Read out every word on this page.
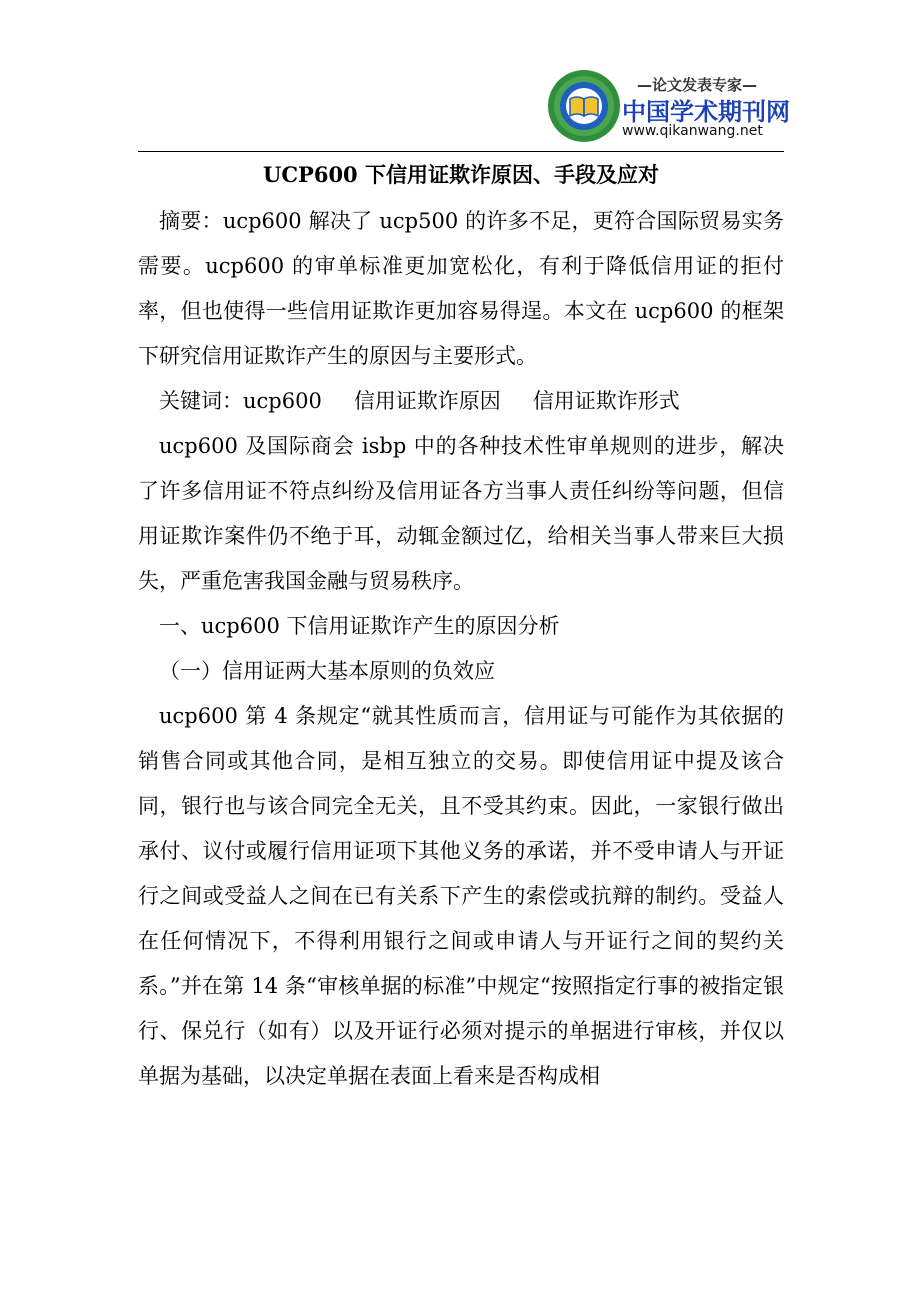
—论文发表专家—
中国学术期刊网
www.qikanwang.net
UCP600 下信用证欺诈原因、手段及应对

摘要：ucp600 解决了 ucp500 的许多不足，更符合国际贸易实务需要。ucp600 的审单标准更加宽松化，有利于降低信用证的拒付率，但也使得一些信用证欺诈更加容易得逞。本文在 ucp600 的框架下研究信用证欺诈产生的原因与主要形式。

关键词：ucp600 信用证欺诈原因 信用证欺诈形式

ucp600 及国际商会 isbp 中的各种技术性审单规则的进步，解决了许多信用证不符点纠纷及信用证各方当事人责任纠纷等问题，但信用证欺诈案件仍不绝于耳，动辄金额过亿，给相关当事人带来巨大损失，严重危害我国金融与贸易秩序。

一、ucp600 下信用证欺诈产生的原因分析

（一）信用证两大基本原则的负效应

ucp600 第 4 条规定“就其性质而言，信用证与可能作为其依据的销售合同或其他合同，是相互独立的交易。即使信用证中提及该合同，银行也与该合同完全无关，且不受其约束。因此，一家银行做出承付、议付或履行信用证项下其他义务的承诺，并不受申请人与开证行之间或受益人之间在已有关系下产生的索偿或抗辩的制约。受益人在任何情况下，不得利用银行之间或申请人与开证行之间的契约关系。”并在第 14 条“审核单据的标准”中规定“按照指定行事的被指定银行、保兑行（如有）以及开证行必须对提示的单据进行审核，并仅以单据为基础，以决定单据在表面上看来是否构成相
